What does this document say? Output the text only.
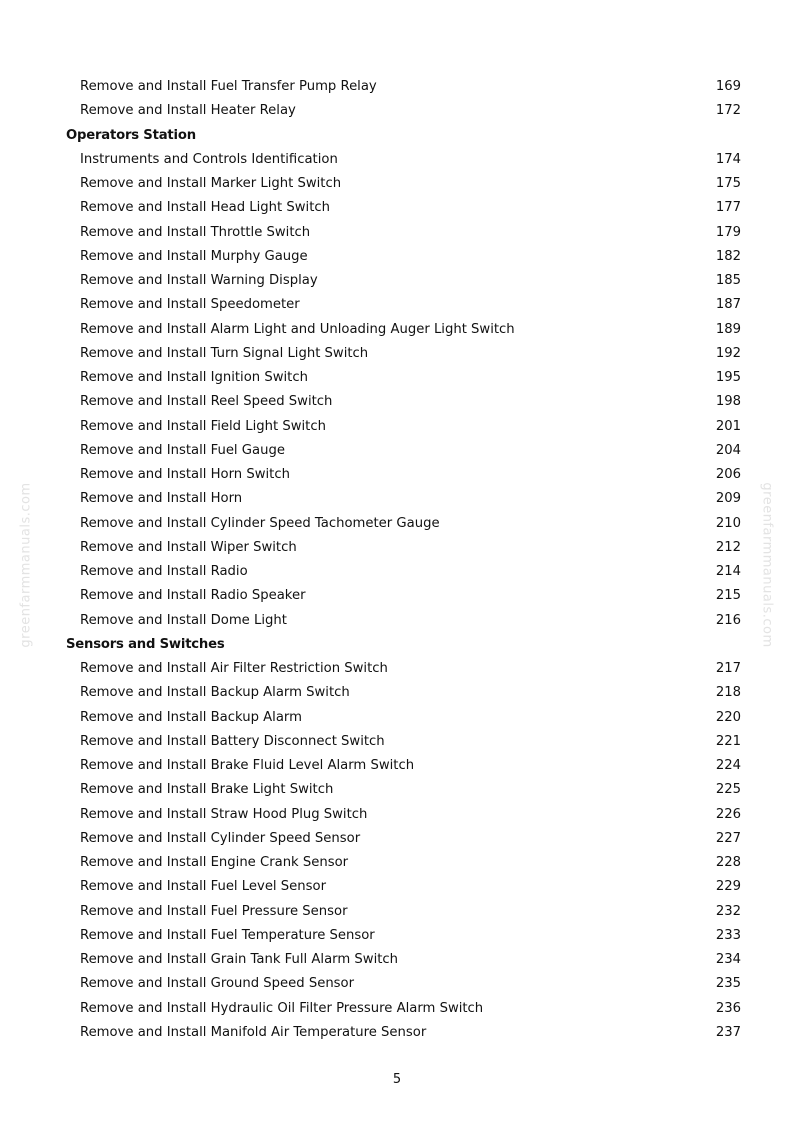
Remove and Install Fuel Transfer Pump Relay	169
Remove and Install Heater Relay	172
Operators Station
Instruments and Controls Identification	174
Remove and Install Marker Light Switch	175
Remove and Install Head Light Switch	177
Remove and Install Throttle Switch	179
Remove and Install Murphy Gauge	182
Remove and Install Warning Display	185
Remove and Install Speedometer	187
Remove and Install Alarm Light and Unloading Auger Light Switch	189
Remove and Install Turn Signal Light Switch	192
Remove and Install Ignition Switch	195
Remove and Install Reel Speed Switch	198
Remove and Install Field Light Switch	201
Remove and Install Fuel Gauge	204
Remove and Install Horn Switch	206
Remove and Install Horn	209
Remove and Install Cylinder Speed Tachometer Gauge	210
Remove and Install Wiper Switch	212
Remove and Install Radio	214
Remove and Install Radio Speaker	215
Remove and Install Dome Light	216
Sensors and Switches
Remove and Install Air Filter Restriction Switch	217
Remove and Install Backup Alarm Switch	218
Remove and Install Backup Alarm	220
Remove and Install Battery Disconnect Switch	221
Remove and Install Brake Fluid Level Alarm Switch	224
Remove and Install Brake Light Switch	225
Remove and Install Straw Hood Plug Switch	226
Remove and Install Cylinder Speed Sensor	227
Remove and Install Engine Crank Sensor	228
Remove and Install Fuel Level Sensor	229
Remove and Install Fuel Pressure Sensor	232
Remove and Install Fuel Temperature Sensor	233
Remove and Install Grain Tank Full Alarm Switch	234
Remove and Install Ground Speed Sensor	235
Remove and Install Hydraulic Oil Filter Pressure Alarm Switch	236
Remove and Install Manifold Air Temperature Sensor	237
5
greenfarmmanuals.com	greenfarmmanuals.com
